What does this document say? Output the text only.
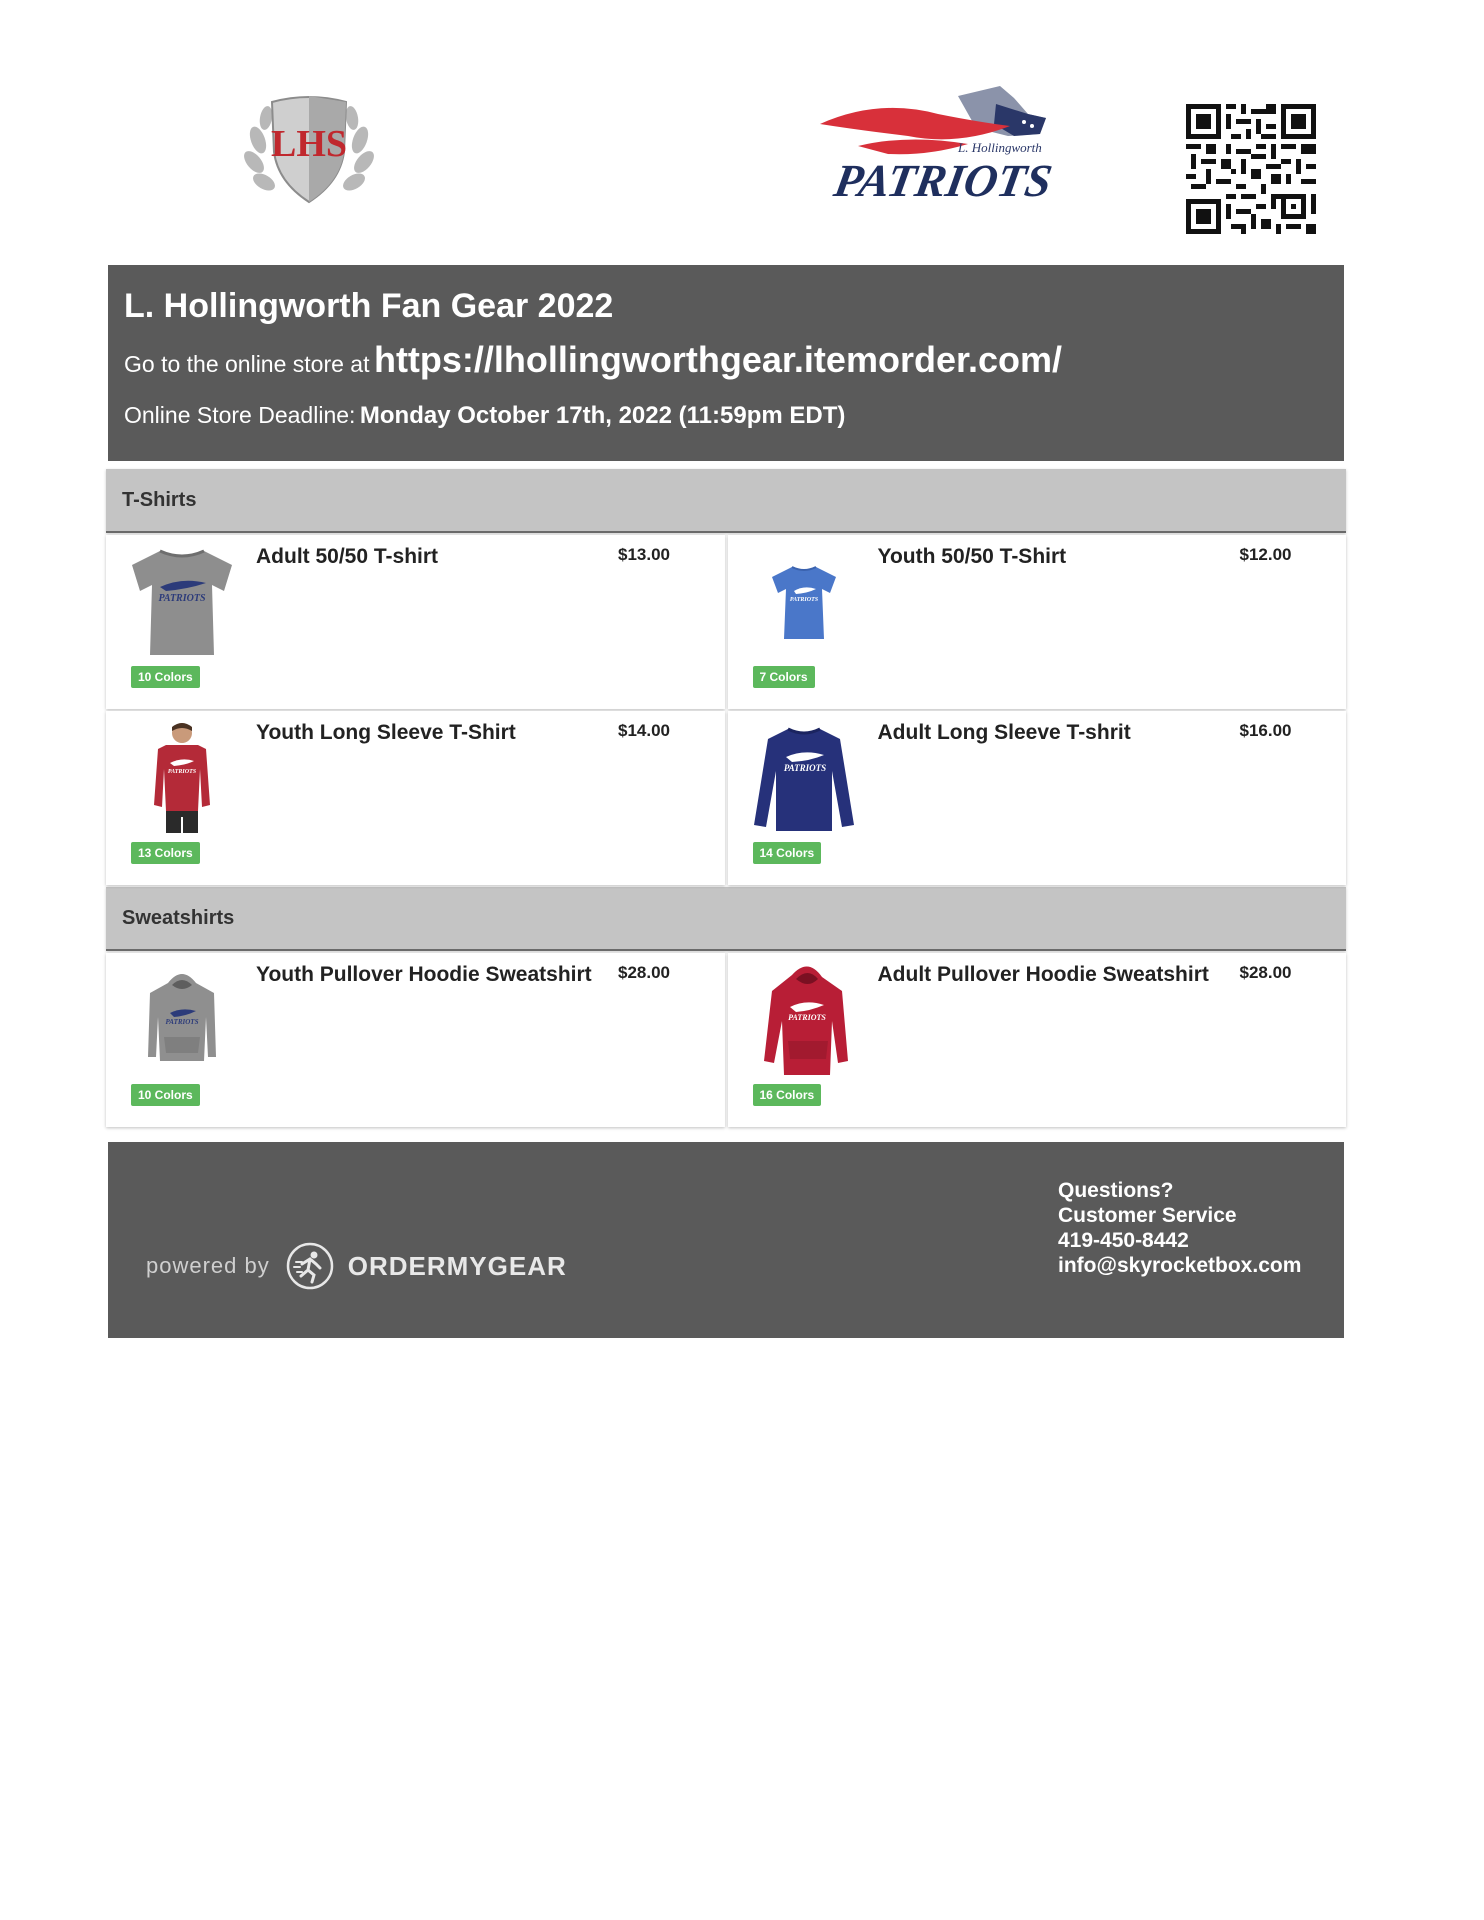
LHS	L. Hollingworth
PATRIOTS
L. Hollingworth Fan Gear 2022
Go to the online store at https://lhollingworthgear.itemorder.com/
Online Store Deadline: Monday October 17th, 2022 (11:59pm EDT)
T-Shirts
PATRIOTS
Adult 50/50 T-shirt	$13.00
10 Colors
PATRIOTS
Youth 50/50 T-Shirt	$12.00
7 Colors
PATRIOTS
Youth Long Sleeve T-Shirt	$14.00
13 Colors
PATRIOTS
Adult Long Sleeve T-shrit	$16.00
14 Colors
Sweatshirts
PATRIOTS
Youth Pullover Hoodie Sweatshirt $28.00
10 Colors
PATRIOTS
Adult Pullover Hoodie Sweatshirt $28.00
16 Colors
powered by	ORDERMYGEAR
Questions?
Customer Service
419-450-8442
info@skyrocketbox.com
